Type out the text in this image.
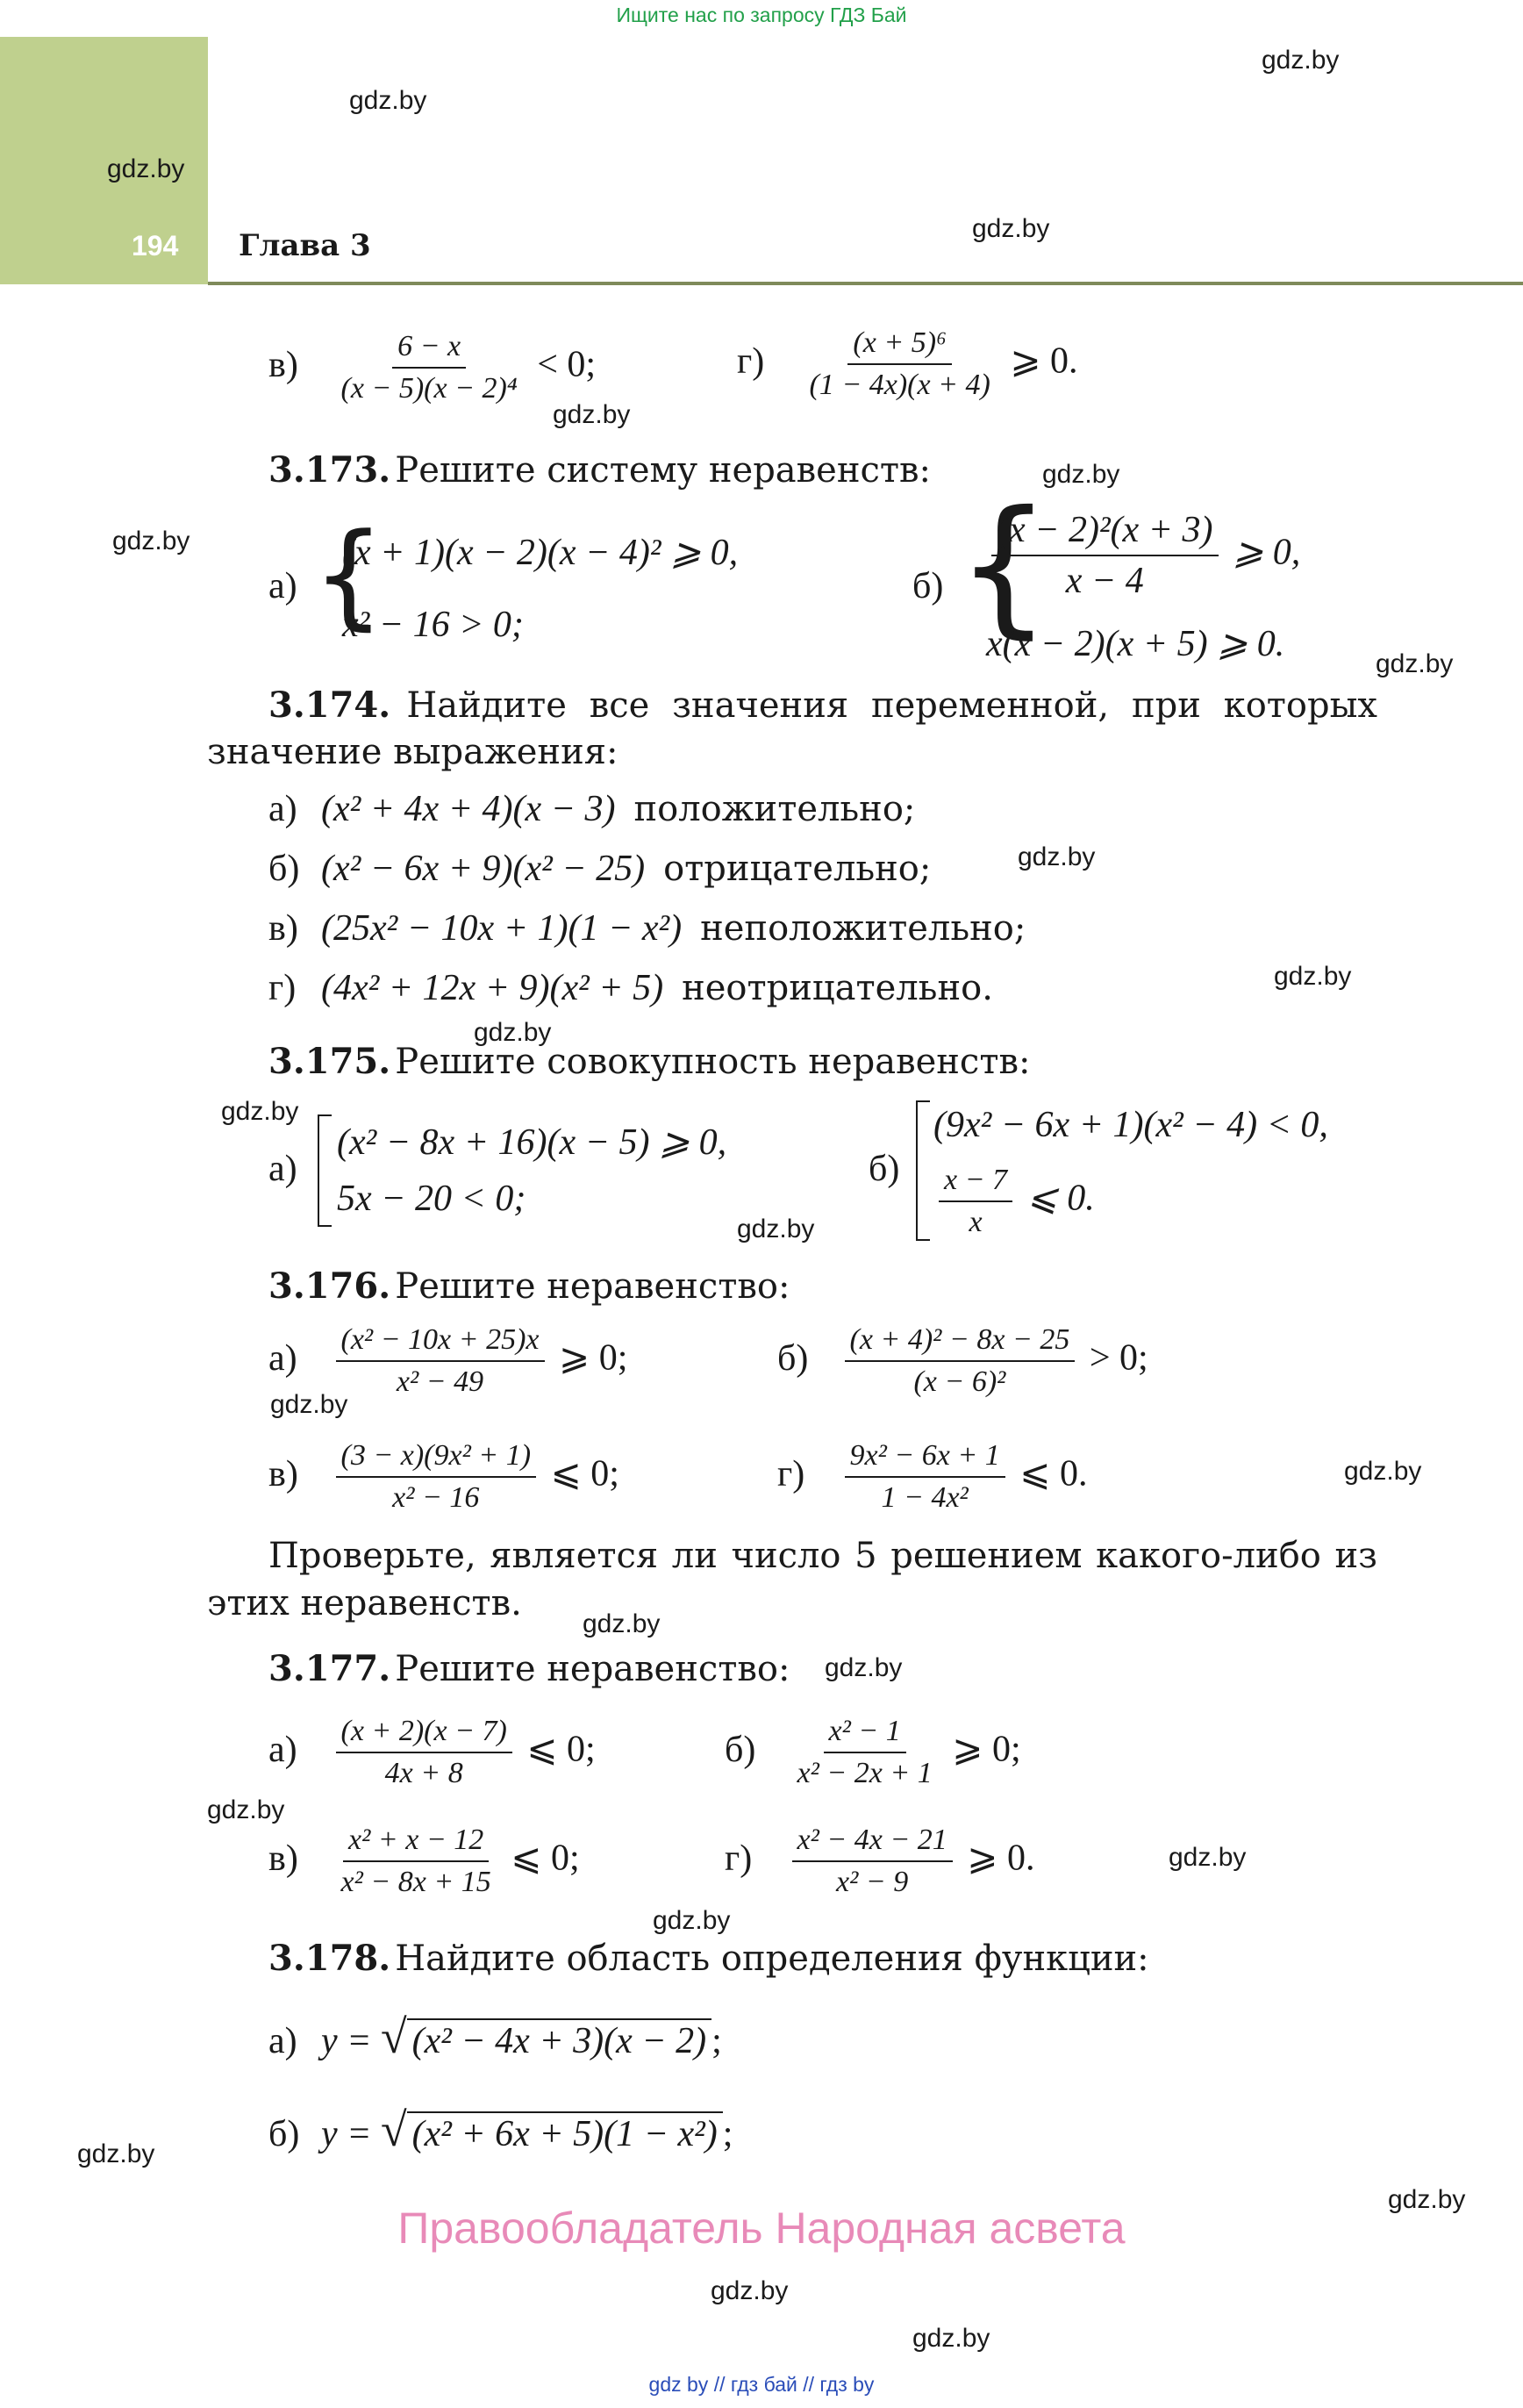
Ищите нас по запросу ГДЗ Бай
194 Глава 3
gdz.by
gdz.by
gdz.by
gdz.by
gdz.by
gdz.by
gdz.by
gdz.by
gdz.by
gdz.by
gdz.by
gdz.by
gdz.by
gdz.by
gdz.by
gdz.by
gdz.by
gdz.by
gdz.by
gdz.by
gdz.by
gdz.by
gdz.by
gdz.by
$в) \frac{6 - x}{\text{(x − 5)(x − 2)⁴}} < 0$;	$г) \frac{\text{(x + 5)⁶}}{(1 - 4x)(x + 4)}$ ⩾ 0.
3.173. Решите систему неравенств:
а) {
(x + 1)(x − 2)(x − 4)² ⩾ 0,
x² − 16 > 0;
б) {
$\frac{\text{(x − 2)²(x + 3)}}{x - 4}$ ⩾ 0,
x(x − 2)(x + 5) ⩾ 0.
3.174. Найдите все значения переменной, при которых
значение выражения:
а) (x² + 4x + 4)(x − 3) положительно;
б) (x² − 6x + 9)(x² − 25) отрицательно;
в) (25x² − 10x + 1)(1 − x²) неположительно;
г) (4x² + 12x + 9)(x² + 5) неотрицательно.
3.175. Решите совокупность неравенств:
а)
(x² − 8x + 16)(x − 5) ⩾ 0,
5x − 20 < 0;
б)
(9x² − 6x + 1)(x² − 4) < 0,
$\frac{x - 7}{x}$ ⩽ 0.
3.176. Решите неравенство:
$а) \frac{\text{(x² − 10x + 25)x}}{\text{x² − 49}}$ ⩾ 0;	$б) \frac{\text{(x + 4)² − 8x − 25}}{\text{(x − 6)²}} > 0$;
$в) \frac{\text{(3 − x)(9x² + 1)}}{\text{x² − 16}}$ ⩽ 0;	$г) \frac{\text{9x² − 6x + 1}}{\text{1 − 4x²}}$ ⩽ 0.
Проверьте, является ли число 5 решением какого-либо из
этих неравенств.
3.177. Решите неравенство:
$а) \frac{(x + 2)(x - 7)}{4x + 8}$ ⩽ 0;	$б) \frac{\text{x² − 1}}{\text{x² − 2x + 1}}$ ⩾ 0;
$в) \frac{\text{x² + x − 12}}{\text{x² − 8x + 15}}$ ⩽ 0;	$г) \frac{\text{x² − 4x − 21}}{\text{x² − 9}}$ ⩾ 0.
3.178. Найдите область определения функции:
а) y = √ (x² − 4x + 3)(x − 2) ;
б) y = √ (x² + 6x + 5)(1 − x²) ;
Правообладатель Народная асвета
gdz by // гдз бай // гдз by
